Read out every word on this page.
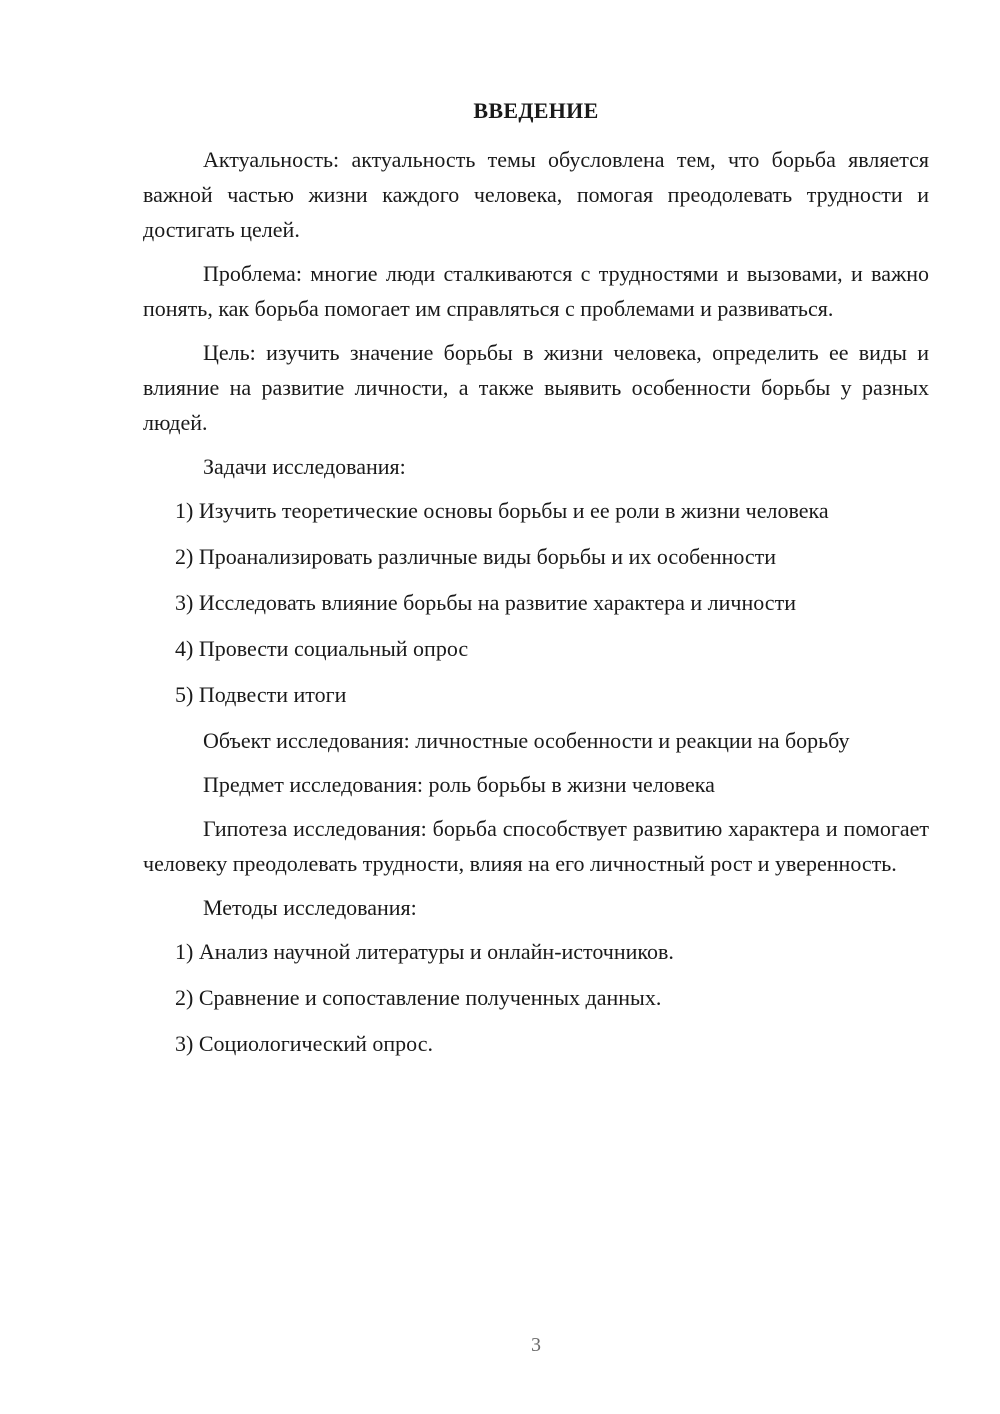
ВВЕДЕНИЕ

Актуальность: актуальность темы обусловлена тем, что борьба является важной частью жизни каждого человека, помогая преодолевать трудности и достигать целей.

Проблема: многие люди сталкиваются с трудностями и вызовами, и важно понять, как борьба помогает им справляться с проблемами и развиваться.

Цель: изучить значение борьбы в жизни человека, определить ее виды и влияние на развитие личности, а также выявить особенности борьбы у разных людей.

Задачи исследования:

1) Изучить теоретические основы борьбы и ее роли в жизни человека

2) Проанализировать различные виды борьбы и их особенности

3) Исследовать влияние борьбы на развитие характера и личности

4) Провести социальный опрос

5) Подвести итоги

Объект исследования: личностные особенности и реакции на борьбу

Предмет исследования: роль борьбы в жизни человека

Гипотеза исследования: борьба способствует развитию характера и помогает человеку преодолевать трудности, влияя на его личностный рост и уверенность.

Методы исследования:

1) Анализ научной литературы и онлайн-источников.

2) Сравнение и сопоставление полученных данных.

3) Социологический опрос.

3
